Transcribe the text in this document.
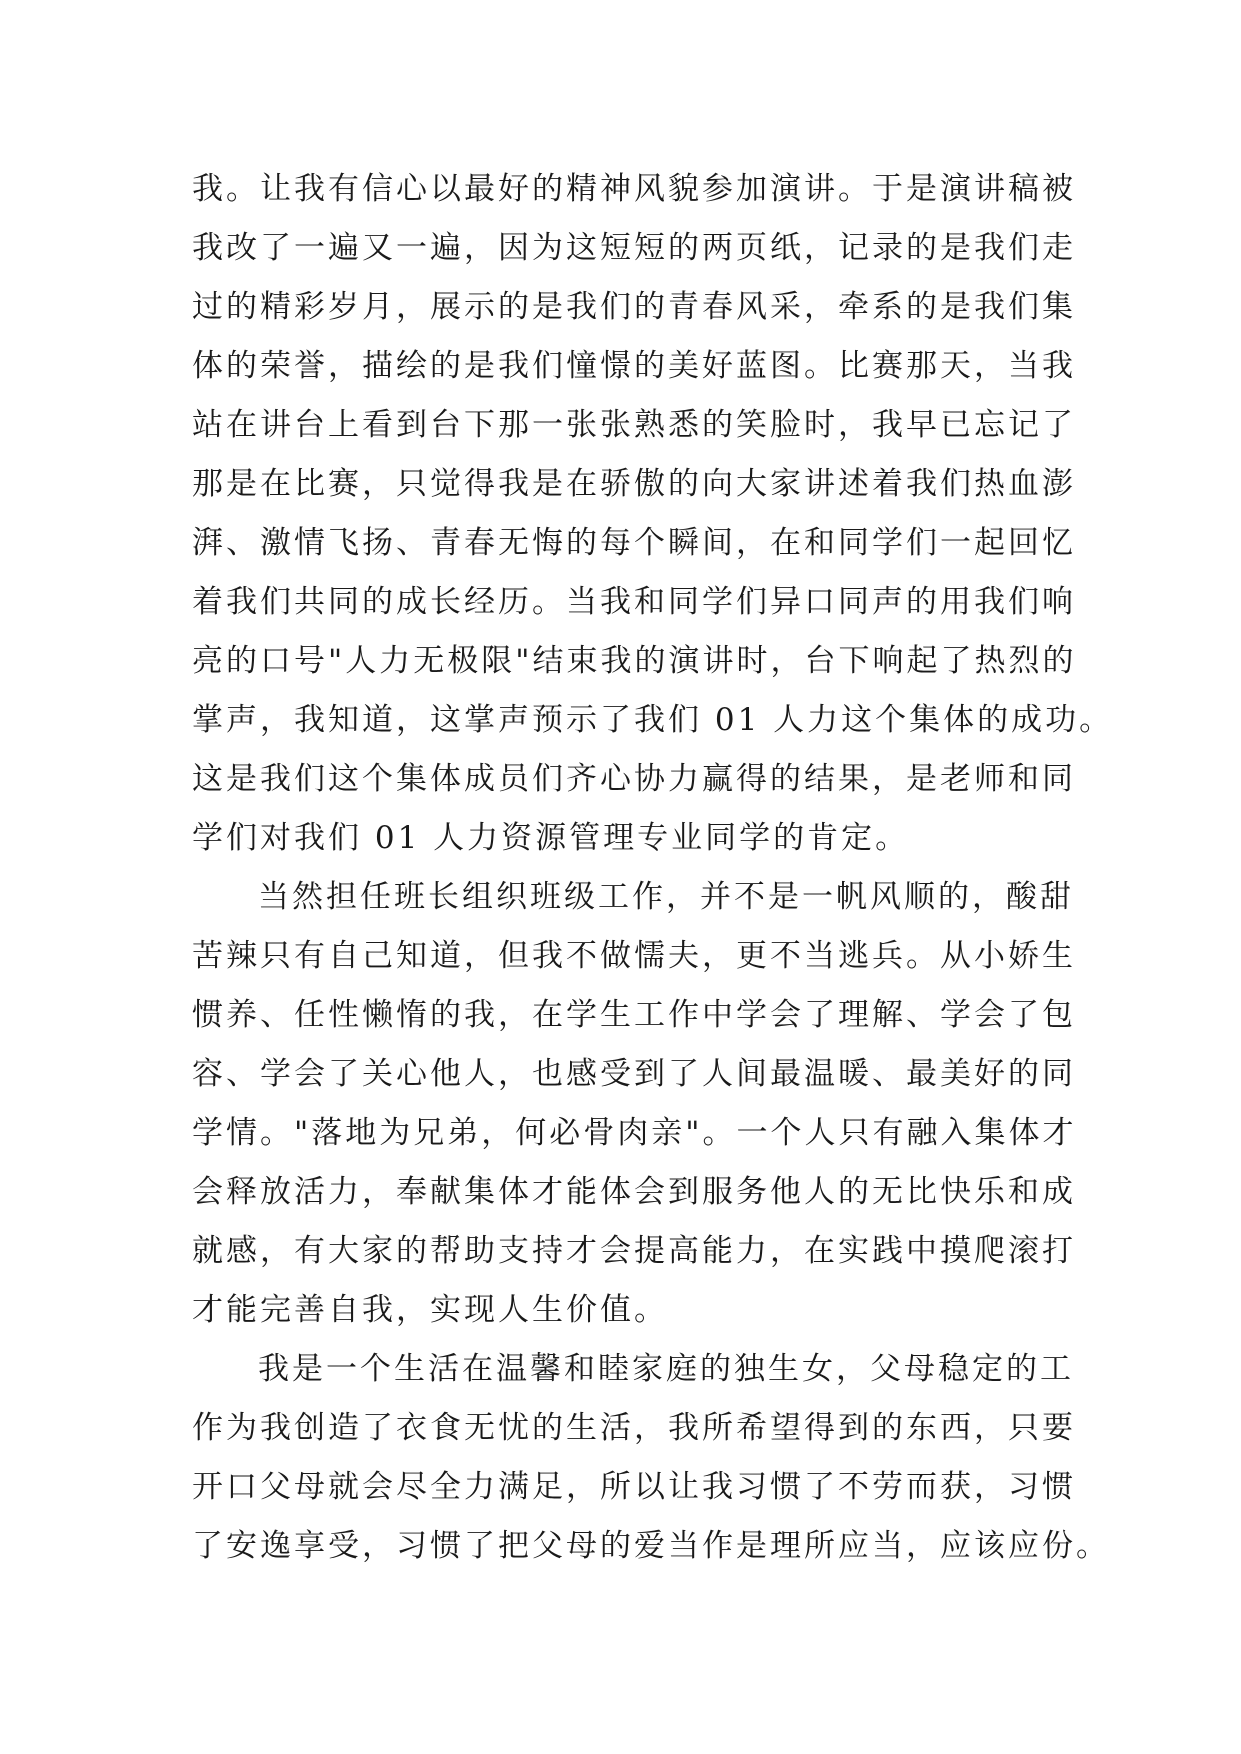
我。让我有信心以最好的精神风貌参加演讲。于是演讲稿被
我改了一遍又一遍，因为这短短的两页纸，记录的是我们走
过的精彩岁月，展示的是我们的青春风采，牵系的是我们集
体的荣誉，描绘的是我们憧憬的美好蓝图。比赛那天，当我
站在讲台上看到台下那一张张熟悉的笑脸时，我早已忘记了
那是在比赛，只觉得我是在骄傲的向大家讲述着我们热血澎
湃、激情飞扬、青春无悔的每个瞬间，在和同学们一起回忆
着我们共同的成长经历。当我和同学们异口同声的用我们响
亮的口号"人力无极限"结束我的演讲时，台下响起了热烈的
掌声，我知道，这掌声预示了我们 01 人力这个集体的成功。
这是我们这个集体成员们齐心协力赢得的结果，是老师和同
学们对我们 01 人力资源管理专业同学的肯定。
当然担任班长组织班级工作，并不是一帆风顺的，酸甜
苦辣只有自己知道，但我不做懦夫，更不当逃兵。从小娇生
惯养、任性懒惰的我，在学生工作中学会了理解、学会了包
容、学会了关心他人，也感受到了人间最温暖、最美好的同
学情。"落地为兄弟，何必骨肉亲"。一个人只有融入集体才
会释放活力，奉献集体才能体会到服务他人的无比快乐和成
就感，有大家的帮助支持才会提高能力，在实践中摸爬滚打
才能完善自我，实现人生价值。
我是一个生活在温馨和睦家庭的独生女，父母稳定的工
作为我创造了衣食无忧的生活，我所希望得到的东西，只要
开口父母就会尽全力满足，所以让我习惯了不劳而获，习惯
了安逸享受，习惯了把父母的爱当作是理所应当，应该应份。
